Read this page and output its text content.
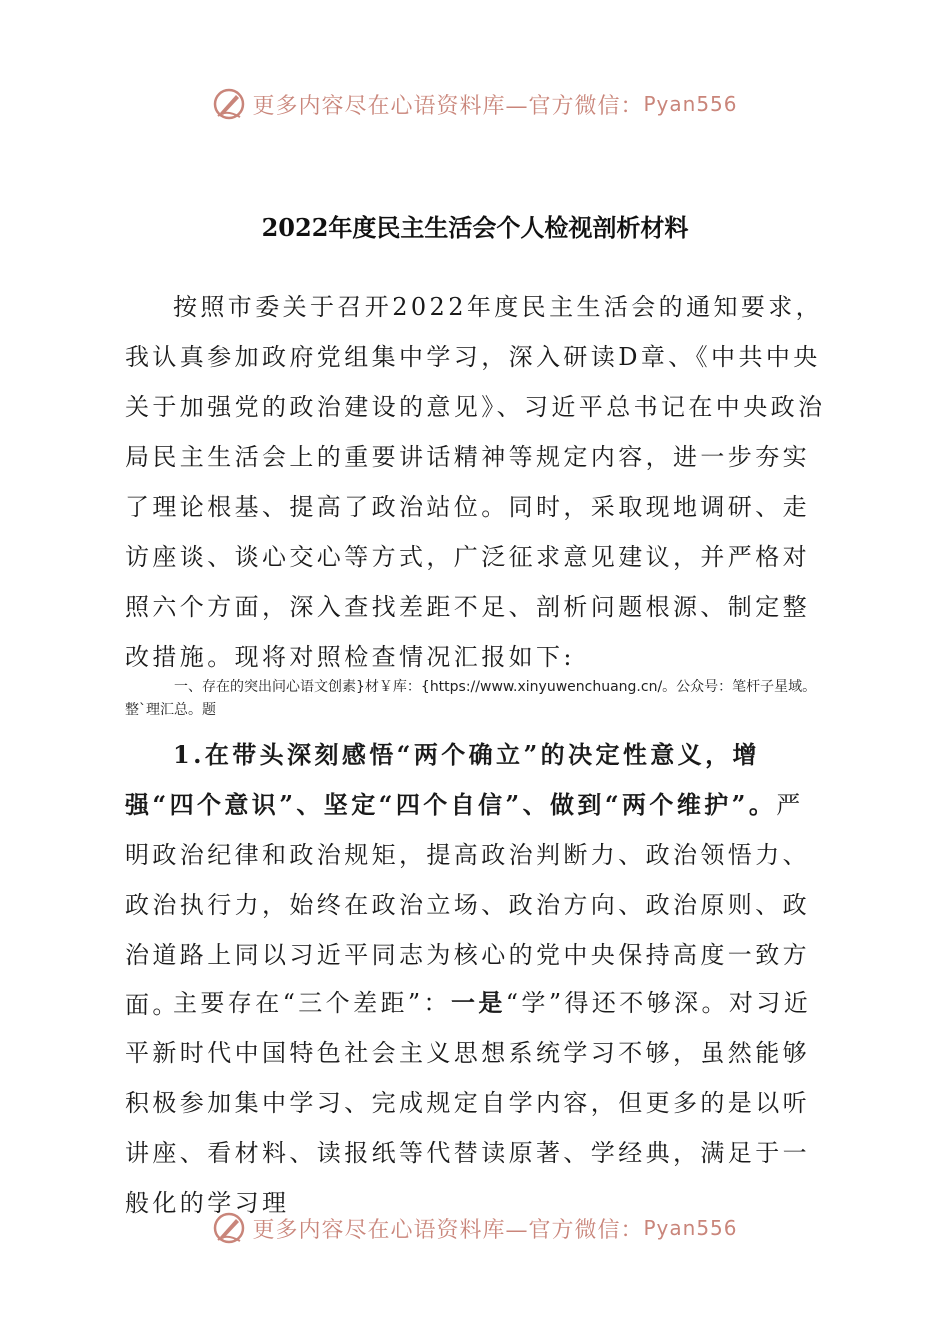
更多内容尽在心语资料库—官方微信： Pyan556
2022年度民主生活会个人检视剖析材料

按照市委关于召开2022年度民主生活会的通知要求，我认真参加政府党组集中学习，深入研读D章、《中共中央关于加强党的政治建设的意见》、习近平总书记在中央政治局民主生活会上的重要讲话精神等规定内容，进一步夯实了理论根基、提高了政治站位。同时，采取现地调研、走访座谈、谈心交心等方式，广泛征求意见建议，并严格对照六个方面，深入查找差距不足、剖析问题根源、制定整改措施。现将对照检查情况汇报如下:

一、存在的突出问心语文创素}材￥库：{https://www.xinyuwenchuang.cn/。公众号：笔杆子星域。整`理汇总。题

1.在带头深刻感悟“两个确立”的决定性意义，增强“四个意识”、坚定“四个自信”、做到“两个维护”。严明政治纪律和政治规矩，提高政治判断力、政治领悟力、政治执行力，始终在政治立场、政治方向、政治原则、政治道路上同以习近平同志为核心的党中央保持高度一致方面。

主要存在“三个差距”：一是“学”得还不够深。对习近平新时代中国特色社会主义思想系统学习不够，虽然能够积极参加集中学习、完成规定自学内容，但更多的是以听讲座、看材料、读报纸等代替读原著、学经典，满足于一般化的学习理

更多内容尽在心语资料库—官方微信： Pyan556
